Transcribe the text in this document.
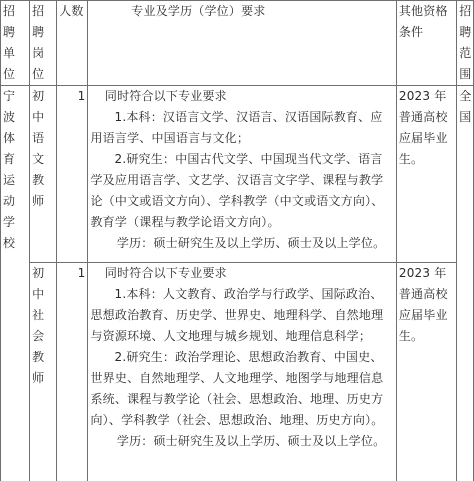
招聘单位	招聘岗位	人数	专业及学历（学位）要求	其他资格条件	招聘范围
宁波体育运动学校	初中语文教师	1	同时符合以下专业要求

1.本科：汉语言文学、汉语言、汉语国际教育、应用语言学、中国语言与文化；

2.研究生：中国古代文学、中国现当代文学、语言学及应用语言学、文艺学、汉语言文字学、课程与教学论（中文或语文方向）、学科教学（中文或语文方向）、教育学（课程与教学论语文方向）。

学历：硕士研究生及以上学历、硕士及以上学位。	2023 年普通高校应届毕业生。	全国
	初中社会教师	1	同时符合以下专业要求

1.本科：人文教育、政治学与行政学、国际政治、思想政治教育、历史学、世界史、地理科学、自然地理与资源环境、人文地理与城乡规划、地理信息科学；

2.研究生：政治学理论、思想政治教育、中国史、世界史、自然地理学、人文地理学、地图学与地理信息系统、课程与教学论（社会、思想政治、地理、历史方向）、学科教学（社会、思想政治、地理、历史方向）。

学历：硕士研究生及以上学历、硕士及以上学位。	2023 年普通高校应届毕业生。	
